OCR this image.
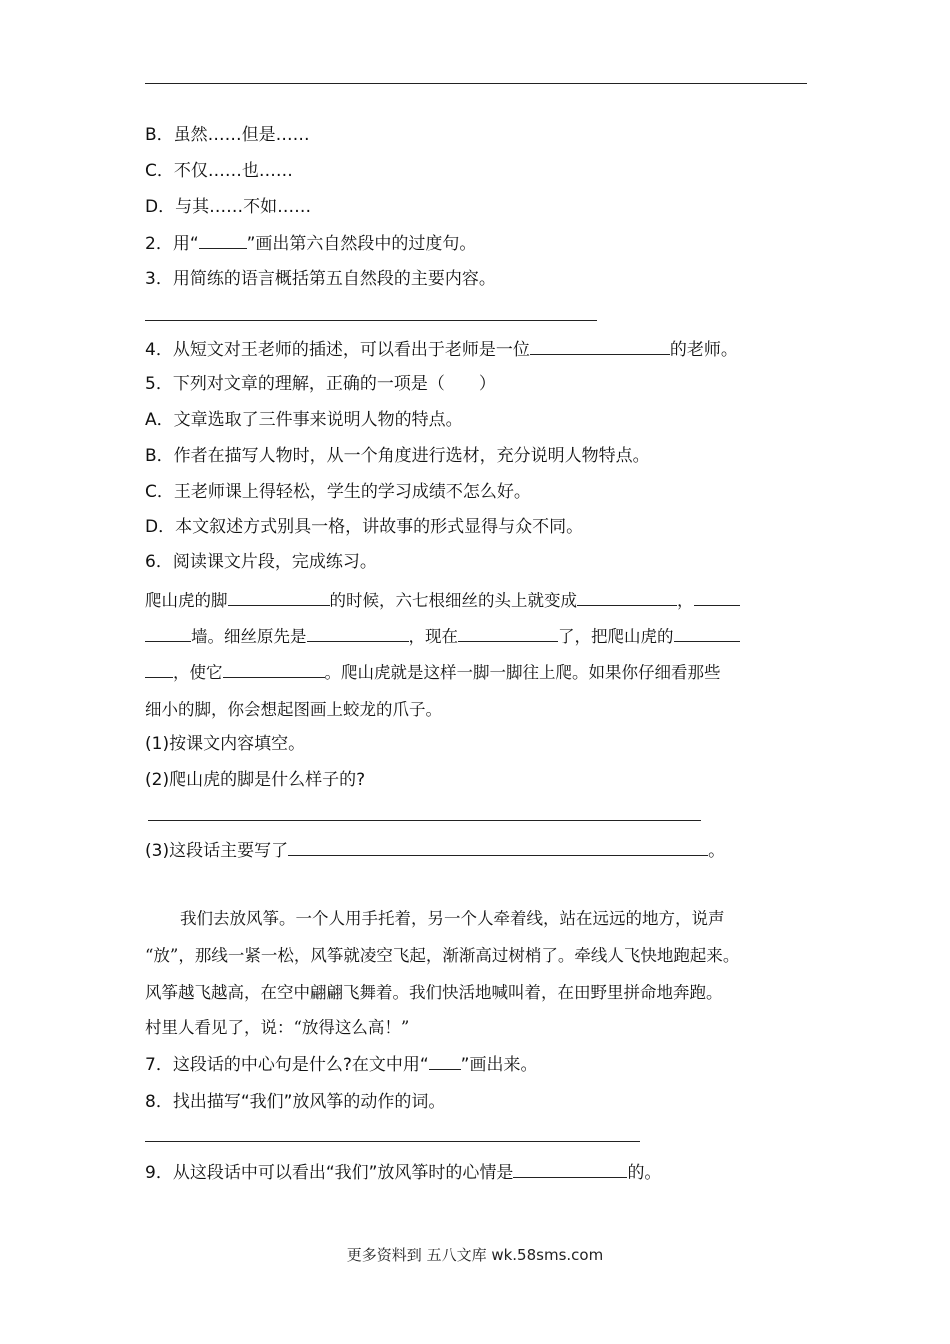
B．虽然……但是……
C．不仅……也……
D．与其……不如……
2．用“	”画出第六自然段中的过度句。
3．用简练的语言概括第五自然段的主要内容。
4．从短文对王老师的插述，可以看出于老师是一位	的老师。
5．下列对文章的理解，正确的一项是（　　）
A．文章选取了三件事来说明人物的特点。
B．作者在描写人物时，从一个角度进行选材，充分说明人物特点。
C．王老师课上得轻松，学生的学习成绩不怎么好。
D．本文叙述方式别具一格，讲故事的形式显得与众不同。
6．阅读课文片段，完成练习。
爬山虎的脚	的时候，六七根细丝的头上就变成	，
墙。细丝原先是	，现在	了，把爬山虎的
，使它	。爬山虎就是这样一脚一脚往上爬。如果你仔细看那些
细小的脚，你会想起图画上蛟龙的爪子。
(1)按课文内容填空。
(2)爬山虎的脚是什么样子的?
(3)这段话主要写了	。
我们去放风筝。一个人用手托着，另一个人牵着线，站在远远的地方，说声
“放”，那线一紧一松，风筝就凌空飞起，渐渐高过树梢了。牵线人飞快地跑起来。
风筝越飞越高，在空中翩翩飞舞着。我们快活地喊叫着，在田野里拼命地奔跑。
村里人看见了，说：“放得这么高！”
7．这段话的中心句是什么?在文中用“ ”画出来。
8．找出描写“我们”放风筝的动作的词。
9．从这段话中可以看出“我们”放风筝时的心情是	的。
更多资料到 五八文库 wk.58sms.com
